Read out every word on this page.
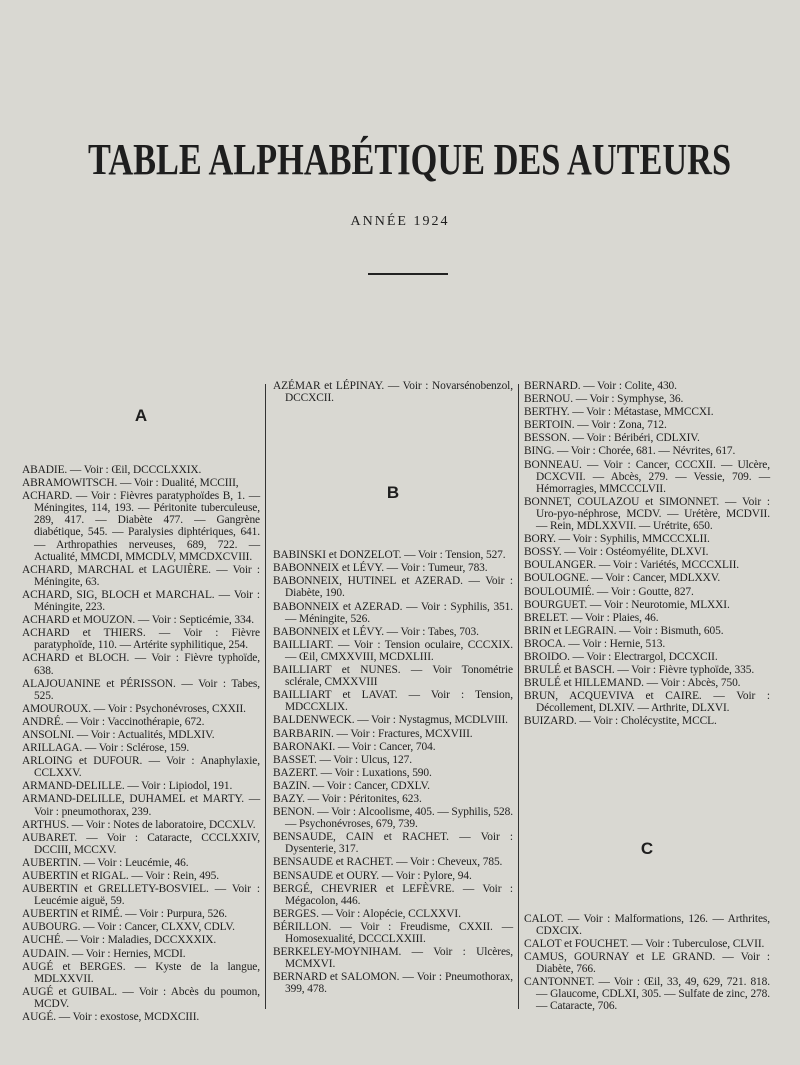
TABLE ALPHABÉTIQUE DES AUTEURS
ANNÉE 1924
A

ABADIE. — Voir : Œil, DCCCLXXIX.

ABRAMOWITSCH. — Voir : Dualité, MCCIII,

ACHARD. — Voir : Fièvres paratyphoïdes B, 1. — Méningites, 114, 193. — Péritonite tuberculeuse, 289, 417. — Diabète 477. — Gangrène diabétique, 545. — Paralysies diphtériques, 641. — Arthropathies nerveuses, 689, 722. — Actualité, MMCDI, MMCDLV, MMCDXCVIII.

ACHARD, MARCHAL et LAGUIÈRE. — Voir : Méningite, 63.

ACHARD, SIG, BLOCH et MARCHAL. — Voir : Méningite, 223.

ACHARD et MOUZON. — Voir : Septicémie, 334.

ACHARD et THIERS. — Voir : Fièvre paratyphoïde, 110. — Artérite syphilitique, 254.

ACHARD et BLOCH. — Voir : Fièvre typhoïde, 638.

ALAJOUANINE et PÉRISSON. — Voir : Tabes, 525.

AMOUROUX. — Voir : Psychonévroses, CXXII.

ANDRÉ. — Voir : Vaccinothérapie, 672.

ANSOLNI. — Voir : Actualités, MDLXIV.

ARILLAGA. — Voir : Sclérose, 159.

ARLOING et DUFOUR. — Voir : Anaphylaxie, CCLXXV.

ARMAND-DELILLE. — Voir : Lipiodol, 191.

ARMAND-DELILLE, DUHAMEL et MARTY. — Voir : pneumothorax, 239.

ARTHUS. — Voir : Notes de laboratoire, DCCXLV.

AUBARET. — Voir : Cataracte, CCCLXXIV, DCCIII, MCCXV.

AUBERTIN. — Voir : Leucémie, 46.

AUBERTIN et RIGAL. — Voir : Rein, 495.

AUBERTIN et GRELLETY-BOSVIEL. — Voir : Leucémie aiguë, 59.

AUBERTIN et RIMÉ. — Voir : Purpura, 526.

AUBOURG. — Voir : Cancer, CLXXV, CDLV.

AUCHÉ. — Voir : Maladies, DCCXXXIX.

AUDAIN. — Voir : Hernies, MCDI.

AUGÉ et BERGES. — Kyste de la langue, MDLXXVII.

AUGÉ et GUIBAL. — Voir : Abcès du poumon, MCDV.

AUGÉ. — Voir : exostose, MCDXCIII.

AZÉMAR et LÉPINAY. — Voir : Novarsénobenzol, DCCXCII.

B

BABINSKI et DONZELOT. — Voir : Tension, 527.

BABONNEIX et LÉVY. — Voir : Tumeur, 783.

BABONNEIX, HUTINEL et AZERAD. — Voir : Diabète, 190.

BABONNEIX et AZERAD. — Voir : Syphilis, 351. — Méningite, 526.

BABONNEIX et LÉVY. — Voir : Tabes, 703.

BAILLIART. — Voir : Tension oculaire, CCCXIX. — Œil, CMXXVIII, MCDXLIII.

BAILLIART et NUNES. — Voir Tonométrie sclérale, CMXXVIII

BAILLIART et LAVAT. — Voir : Tension, MDCCXLIX.

BALDENWECK. — Voir : Nystagmus, MCDLVIII.

BARBARIN. — Voir : Fractures, MCXVIII.

BARONAKI. — Voir : Cancer, 704.

BASSET. — Voir : Ulcus, 127.

BAZERT. — Voir : Luxations, 590.

BAZIN. — Voir : Cancer, CDXLV.

BAZY. — Voir : Péritonites, 623.

BENON. — Voir : Alcoolisme, 405. — Syphilis, 528. — Psychonévroses, 679, 739.

BENSAUDE, CAIN et RACHET. — Voir : Dysenterie, 317.

BENSAUDE et RACHET. — Voir : Cheveux, 785.

BENSAUDE et OURY. — Voir : Pylore, 94.

BERGÉ, CHEVRIER et LEFÈVRE. — Voir : Mégacolon, 446.

BERGES. — Voir : Alopécie, CCLXXVI.

BÉRILLON. — Voir : Freudisme, CXXII. — Homosexualité, DCCCLXXIII.

BERKELEY-MOYNIHAM. — Voir : Ulcères, MCMXVI.

BERNARD et SALOMON. — Voir : Pneumothorax, 399, 478.

BERNARD. — Voir : Colite, 430.

BERNOU. — Voir : Symphyse, 36.

BERTHY. — Voir : Métastase, MMCCXI.

BERTOIN. — Voir : Zona, 712.

BESSON. — Voir : Béribéri, CDLXIV.

BING. — Voir : Chorée, 681. — Névrites, 617.

BONNEAU. — Voir : Cancer, CCCXII. — Ulcère, DCXCVII. — Abcès, 279. — Vessie, 709. — Hémorragies, MMCCCLVII.

BONNET, COULAZOU et SIMONNET. — Voir : Uro-pyo-néphrose, MCDV. — Urétère, MCDVII. — Rein, MDLXXVII. — Urétrite, 650.

BORY. — Voir : Syphilis, MMCCCXLII.

BOSSY. — Voir : Ostéomyélite, DLXVI.

BOULANGER. — Voir : Variétés, MCCCXLII.

BOULOGNE. — Voir : Cancer, MDLXXV.

BOULOUMIÉ. — Voir : Goutte, 827.

BOURGUET. — Voir : Neurotomie, MLXXI.

BRELET. — Voir : Plaies, 46.

BRIN et LEGRAIN. — Voir : Bismuth, 605.

BROCA. — Voir : Hernie, 513.

BROIDO. — Voir : Electrargol, DCCXCII.

BRULÉ et BASCH. — Voir : Fièvre typhoïde, 335.

BRULÉ et HILLEMAND. — Voir : Abcès, 750.

BRUN, ACQUEVIVA et CAIRE. — Voir : Décollement, DLXIV. — Arthrite, DLXVI.

BUIZARD. — Voir : Cholécystite, MCCL.

C

CALOT. — Voir : Malformations, 126. — Arthrites, CDXCIX.

CALOT et FOUCHET. — Voir : Tuberculose, CLVII.

CAMUS, GOURNAY et LE GRAND. — Voir : Diabète, 766.

CANTONNET. — Voir : Œil, 33, 49, 629, 721. 818. — Glaucome, CDLXI, 305. — Sulfate de zinc, 278. — Cataracte, 706.
